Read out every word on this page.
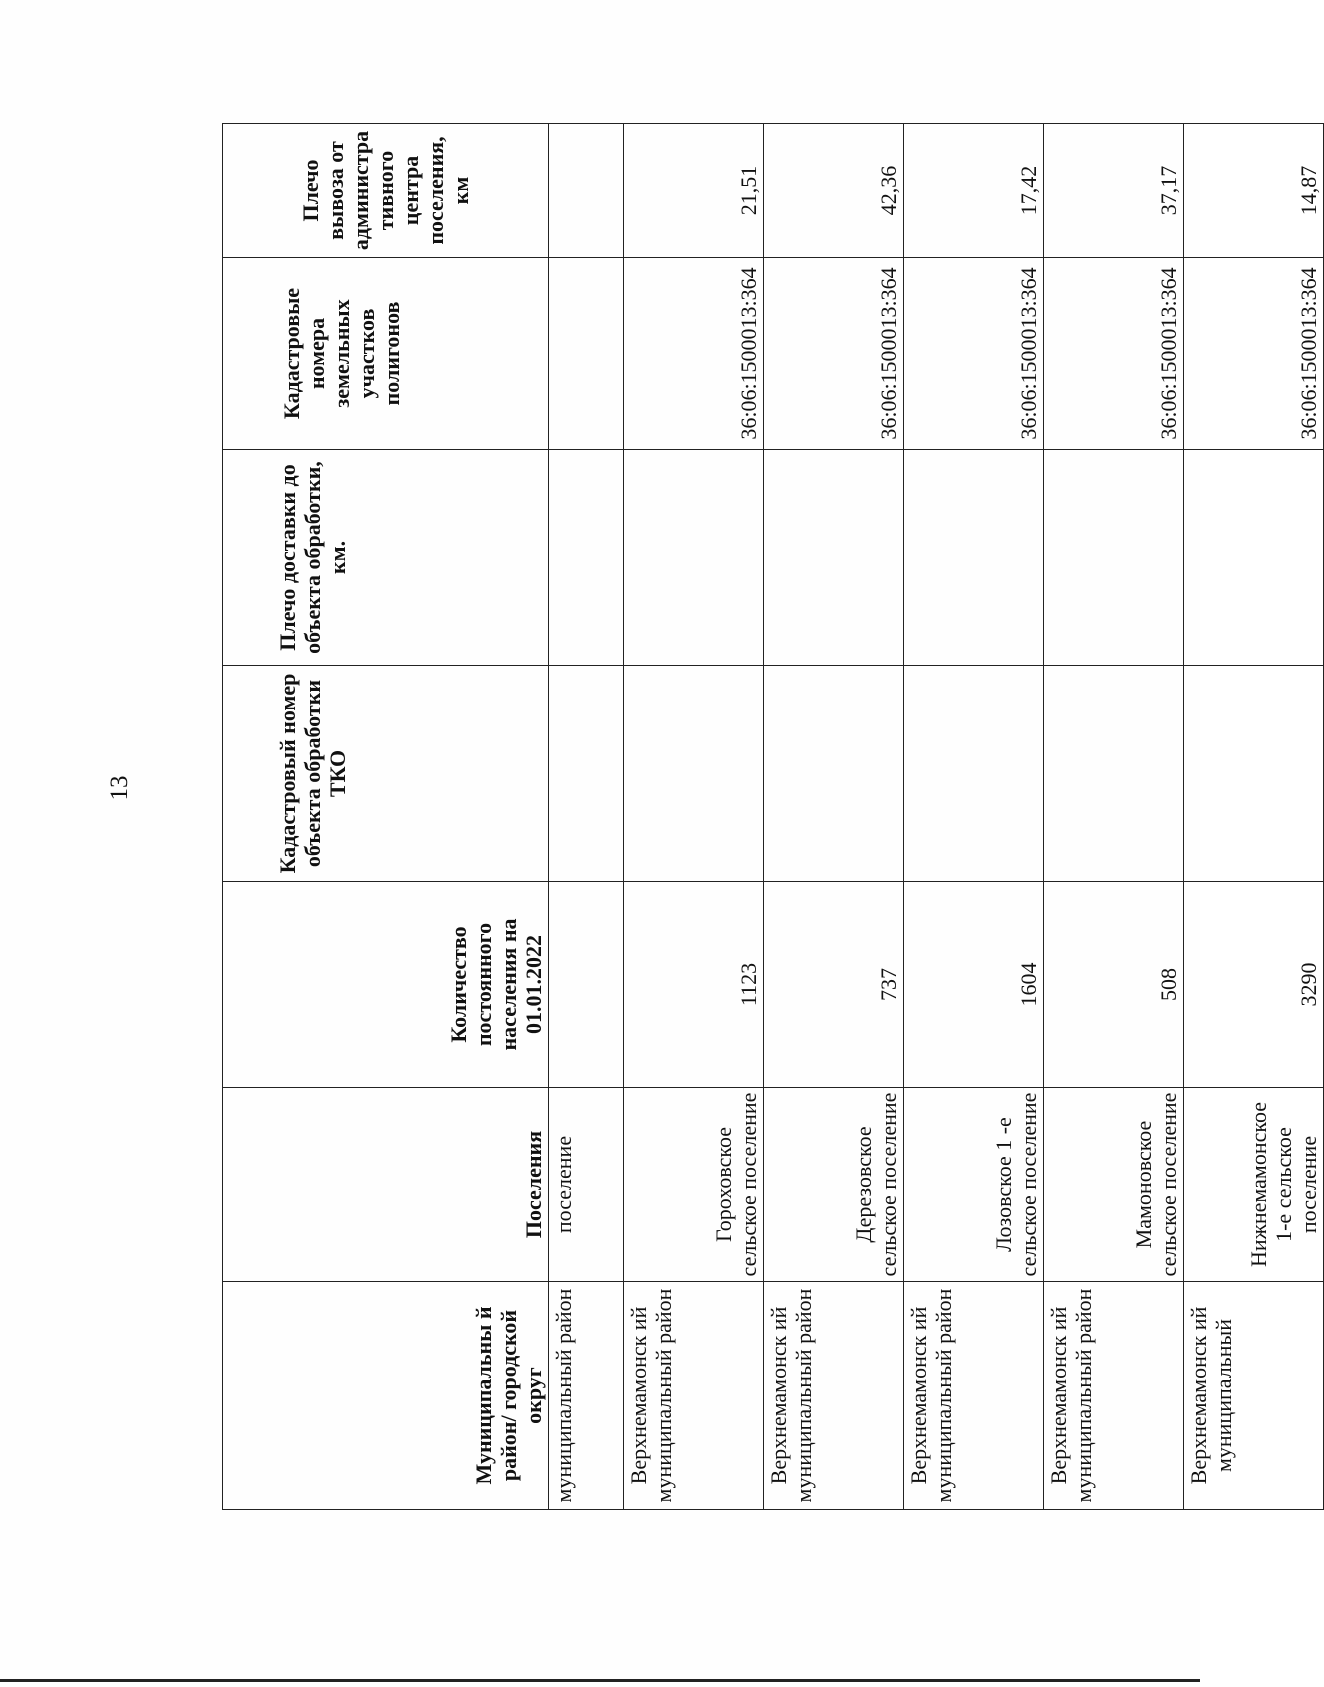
13
Муниципальны й район/ городской округ	Поселения	Количество постоянного населения на 01.01.2022	Кадастровый номер объекта обработки ТКО	Плечо доставки до объекта обработки, км.	Кадастровые номера земельных участков полигонов	Плечо вывоза от администра тивного центра поселения, км
муниципальный район	поселение					
Верхнемамонск ий муниципальный район	Гороховское сельское поселение	1123			36:06:1500013:364	21,51
Верхнемамонск ий муниципальный район	Дерезовское сельское поселение	737			36:06:1500013:364	42,36
Верхнемамонск ий муниципальный район	Лозовское 1 -е сельское поселение	1604			36:06:1500013:364	17,42
Верхнемамонск ий муниципальный район	Мамоновское сельское поселение	508			36:06:1500013:364	37,17
Верхнемамонск ий муниципальный	Нижнемамонское 1-е сельское поселение	3290			36:06:1500013:364	14,87
